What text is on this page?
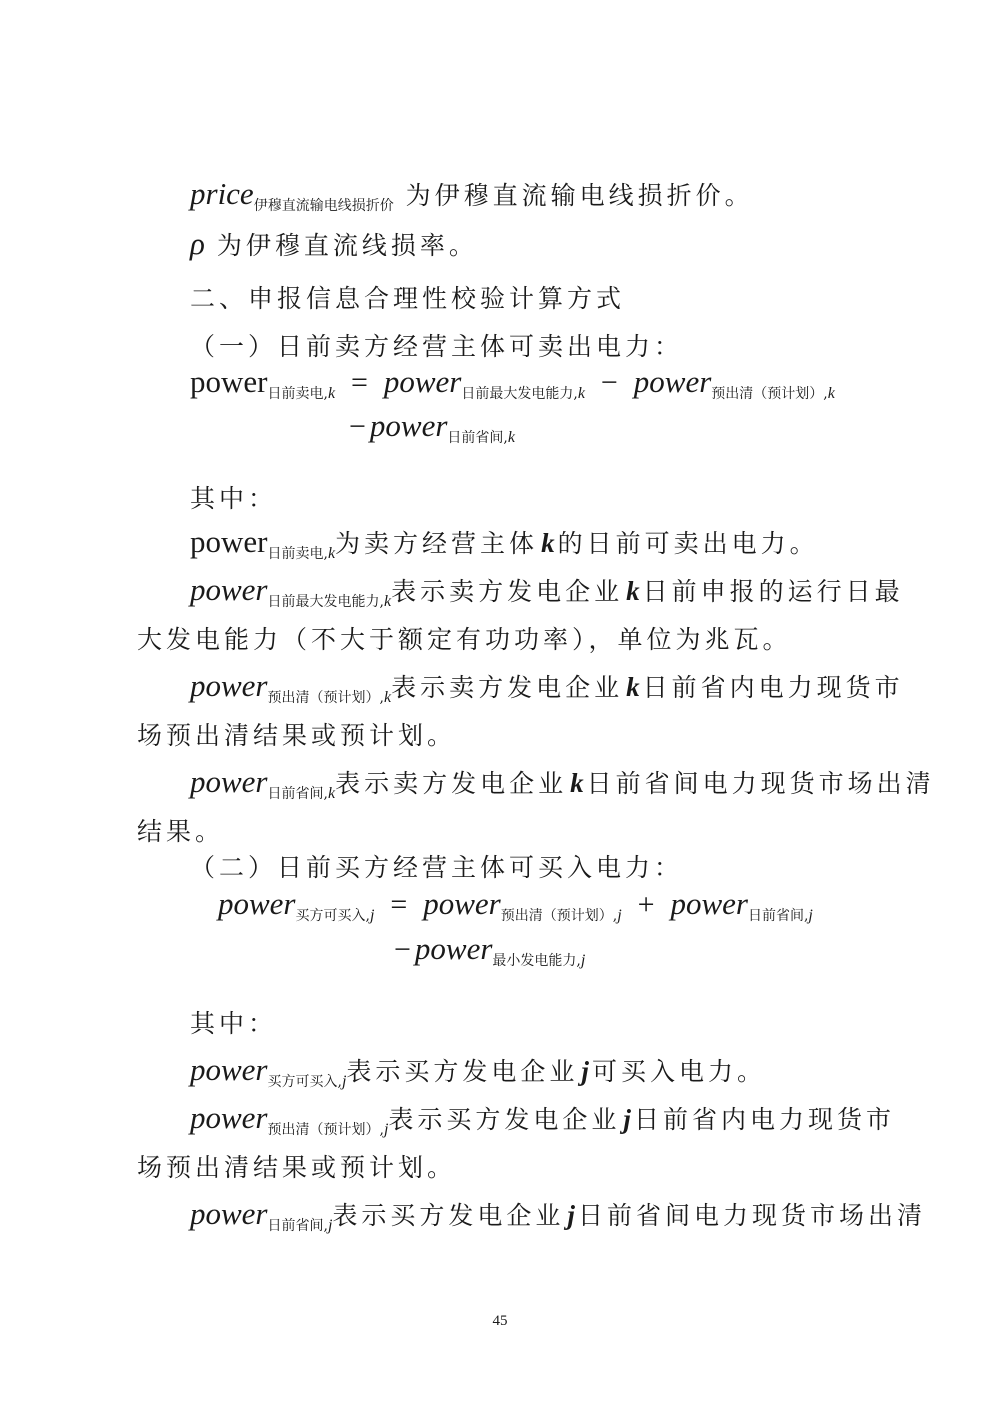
price$_{伊穆直流输电线损折价}$ 为伊穆直流输电线损折价。
ρ 为伊穆直流线损率。
二、申报信息合理性校验计算方式
（一）日前卖方经营主体可卖出电力：
power$_{日前卖电,k}$ = power$_{日前最大发电能力,k}$ − power$_{预出清(预计划),k}$
− power$_{日前省间,k}$
其中：
power$_{日前卖电,k}$为卖方经营主体 k 的日前可卖出电力。
power$_{日前最大发电能力,k}$表示卖方发电企业 k 日前申报的运行日最
大发电能力（不大于额定有功功率），单位为兆瓦。
power$_{预出清(预计划),k}$表示卖方发电企业 k 日前省内电力现货市
场预出清结果或预计划。
power$_{日前省间,k}$表示卖方发电企业 k 日前省间电力现货市场出清
结果。
（二）日前买方经营主体可买入电力：
power$_{买方可买入,j}$ = power$_{预出清(预计划),j}$ + power$_{日前省间,j}$
− power$_{最小发电能力,j}$
其中：
power$_{买方可买入,j}$表示买方发电企业 j 可买入电力。
power$_{预出清(预计划),j}$表示买方发电企业 j 日前省内电力现货市
场预出清结果或预计划。
power$_{日前省间,j}$表示买方发电企业 j 日前省间电力现货市场出清
45
